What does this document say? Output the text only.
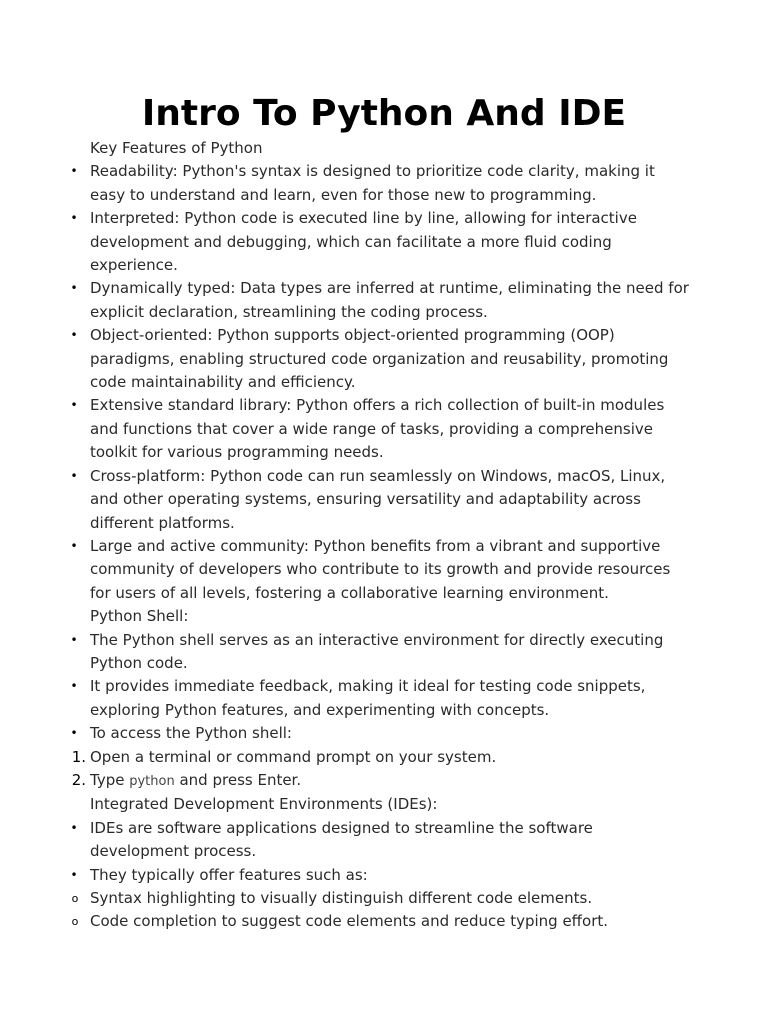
Intro To Python And IDE

Key Features of Python

• Readability: Python's syntax is designed to prioritize code clarity, making it easy to understand and learn, even for those new to programming.
• Interpreted: Python code is executed line by line, allowing for interactive development and debugging, which can facilitate a more fluid coding experience.
• Dynamically typed: Data types are inferred at runtime, eliminating the need for explicit declaration, streamlining the coding process.
• Object-oriented: Python supports object-oriented programming (OOP) paradigms, enabling structured code organization and reusability, promoting code maintainability and efficiency.
• Extensive standard library: Python offers a rich collection of built-in modules and functions that cover a wide range of tasks, providing a comprehensive toolkit for various programming needs.
• Cross-platform: Python code can run seamlessly on Windows, macOS, Linux, and other operating systems, ensuring versatility and adaptability across different platforms.
• Large and active community: Python benefits from a vibrant and supportive community of developers who contribute to its growth and provide resources for users of all levels, fostering a collaborative learning environment.

Python Shell:

• The Python shell serves as an interactive environment for directly executing Python code.
• It provides immediate feedback, making it ideal for testing code snippets, exploring Python features, and experimenting with concepts.
• To access the Python shell:
1. Open a terminal or command prompt on your system.
2. Type python and press Enter.

Integrated Development Environments (IDEs):

• IDEs are software applications designed to streamline the software development process.
• They typically offer features such as:
o Syntax highlighting to visually distinguish different code elements.
o Code completion to suggest code elements and reduce typing effort.
